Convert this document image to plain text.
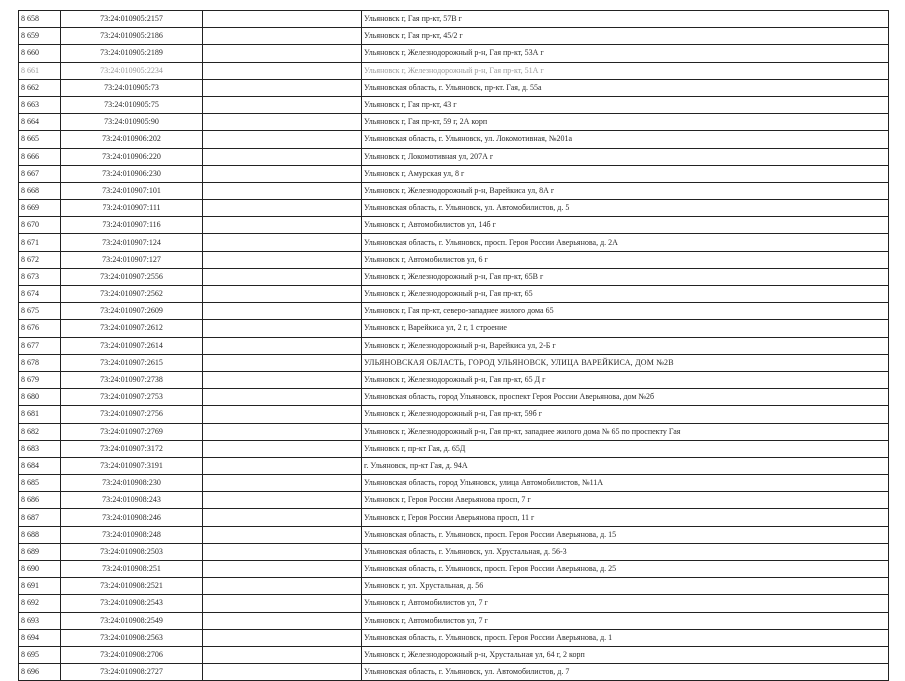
8 658	73:24:010905:2157		Ульяновск г, Гая пр-кт, 57В г
8 659	73:24:010905:2186		Ульяновск г, Гая пр-кт, 45/2 г
8 660	73:24:010905:2189		Ульяновск г, Железнодорожный р-н, Гая пр-кт, 53А г
8 661	73:24:010905:2234		Ульяновск г, Железнодорожный р-н, Гая пр-кт, 51А г
8 662	73:24:010905:73		Ульяновская область, г. Ульяновск, пр-кт. Гая, д. 55а
8 663	73:24:010905:75		Ульяновск г, Гая пр-кт, 43 г
8 664	73:24:010905:90		Ульяновск г, Гая пр-кт, 59 г, 2А корп
8 665	73:24:010906:202		Ульяновская область, г. Ульяновск, ул. Локомотивная, №201а
8 666	73:24:010906:220		Ульяновск г, Локомотивная ул, 207А г
8 667	73:24:010906:230		Ульяновск г, Амурская ул, 8 г
8 668	73:24:010907:101		Ульяновск г, Железнодорожный р-н, Варейкиса ул, 8А г
8 669	73:24:010907:111		Ульяновская область, г. Ульяновск, ул. Автомобилистов, д. 5
8 670	73:24:010907:116		Ульяновск г, Автомобилистов ул, 14б г
8 671	73:24:010907:124		Ульяновская область, г. Ульяновск, просп. Героя России Аверьянова, д. 2А
8 672	73:24:010907:127		Ульяновск г, Автомобилистов ул, 6 г
8 673	73:24:010907:2556		Ульяновск г, Железнодорожный р-н, Гая пр-кт, 65В г
8 674	73:24:010907:2562		Ульяновск г, Железнодорожный р-н, Гая пр-кт, 65
8 675	73:24:010907:2609		Ульяновск г, Гая пр-кт, северо-западнее жилого дома 65
8 676	73:24:010907:2612		Ульяновск г, Варейкиса ул, 2 г, 1 строение
8 677	73:24:010907:2614		Ульяновск г, Железнодорожный р-н, Варейкиса ул, 2-Б г
8 678	73:24:010907:2615		УЛЬЯНОВСКАЯ ОБЛАСТЬ, ГОРОД УЛЬЯНОВСК, УЛИЦА ВАРЕЙКИСА, ДОМ №2В
8 679	73:24:010907:2738		Ульяновск г, Железнодорожный р-н, Гая пр-кт, 65 Д г
8 680	73:24:010907:2753		Ульяновская область, город Ульяновск, проспект Героя России Аверьянова, дом №2б
8 681	73:24:010907:2756		Ульяновск г, Железнодорожный р-н, Гая пр-кт, 59б г
8 682	73:24:010907:2769		Ульяновск г, Железнодорожный р-н, Гая пр-кт, западнее жилого дома № 65 по проспекту Гая
8 683	73:24:010907:3172		Ульяновск г, пр-кт Гая, д. 65Д
8 684	73:24:010907:3191		г. Ульяновск, пр-кт Гая, д. 94А
8 685	73:24:010908:230		Ульяновская область, город Ульяновск, улица Автомобилистов, №11А
8 686	73:24:010908:243		Ульяновск г, Героя России Аверьянова просп, 7 г
8 687	73:24:010908:246		Ульяновск г, Героя России Аверьянова просп, 11 г
8 688	73:24:010908:248		Ульяновская область, г. Ульяновск, просп. Героя России Аверьянова, д. 15
8 689	73:24:010908:2503		Ульяновская область, г. Ульяновск, ул. Хрустальная, д. 56-3
8 690	73:24:010908:251		Ульяновская область, г. Ульяновск, просп. Героя России Аверьянова, д. 25
8 691	73:24:010908:2521		Ульяновск г, ул. Хрустальная, д. 56
8 692	73:24:010908:2543		Ульяновск г, Автомобилистов ул, 7 г
8 693	73:24:010908:2549		Ульяновск г, Автомобилистов ул, 7 г
8 694	73:24:010908:2563		Ульяновская область, г. Ульяновск, просп. Героя России Аверьянова, д. 1
8 695	73:24:010908:2706		Ульяновск г, Железнодорожный р-н, Хрустальная ул, 64 г, 2 корп
8 696	73:24:010908:2727		Ульяновская область, г. Ульяновск, ул. Автомобилистов, д. 7
